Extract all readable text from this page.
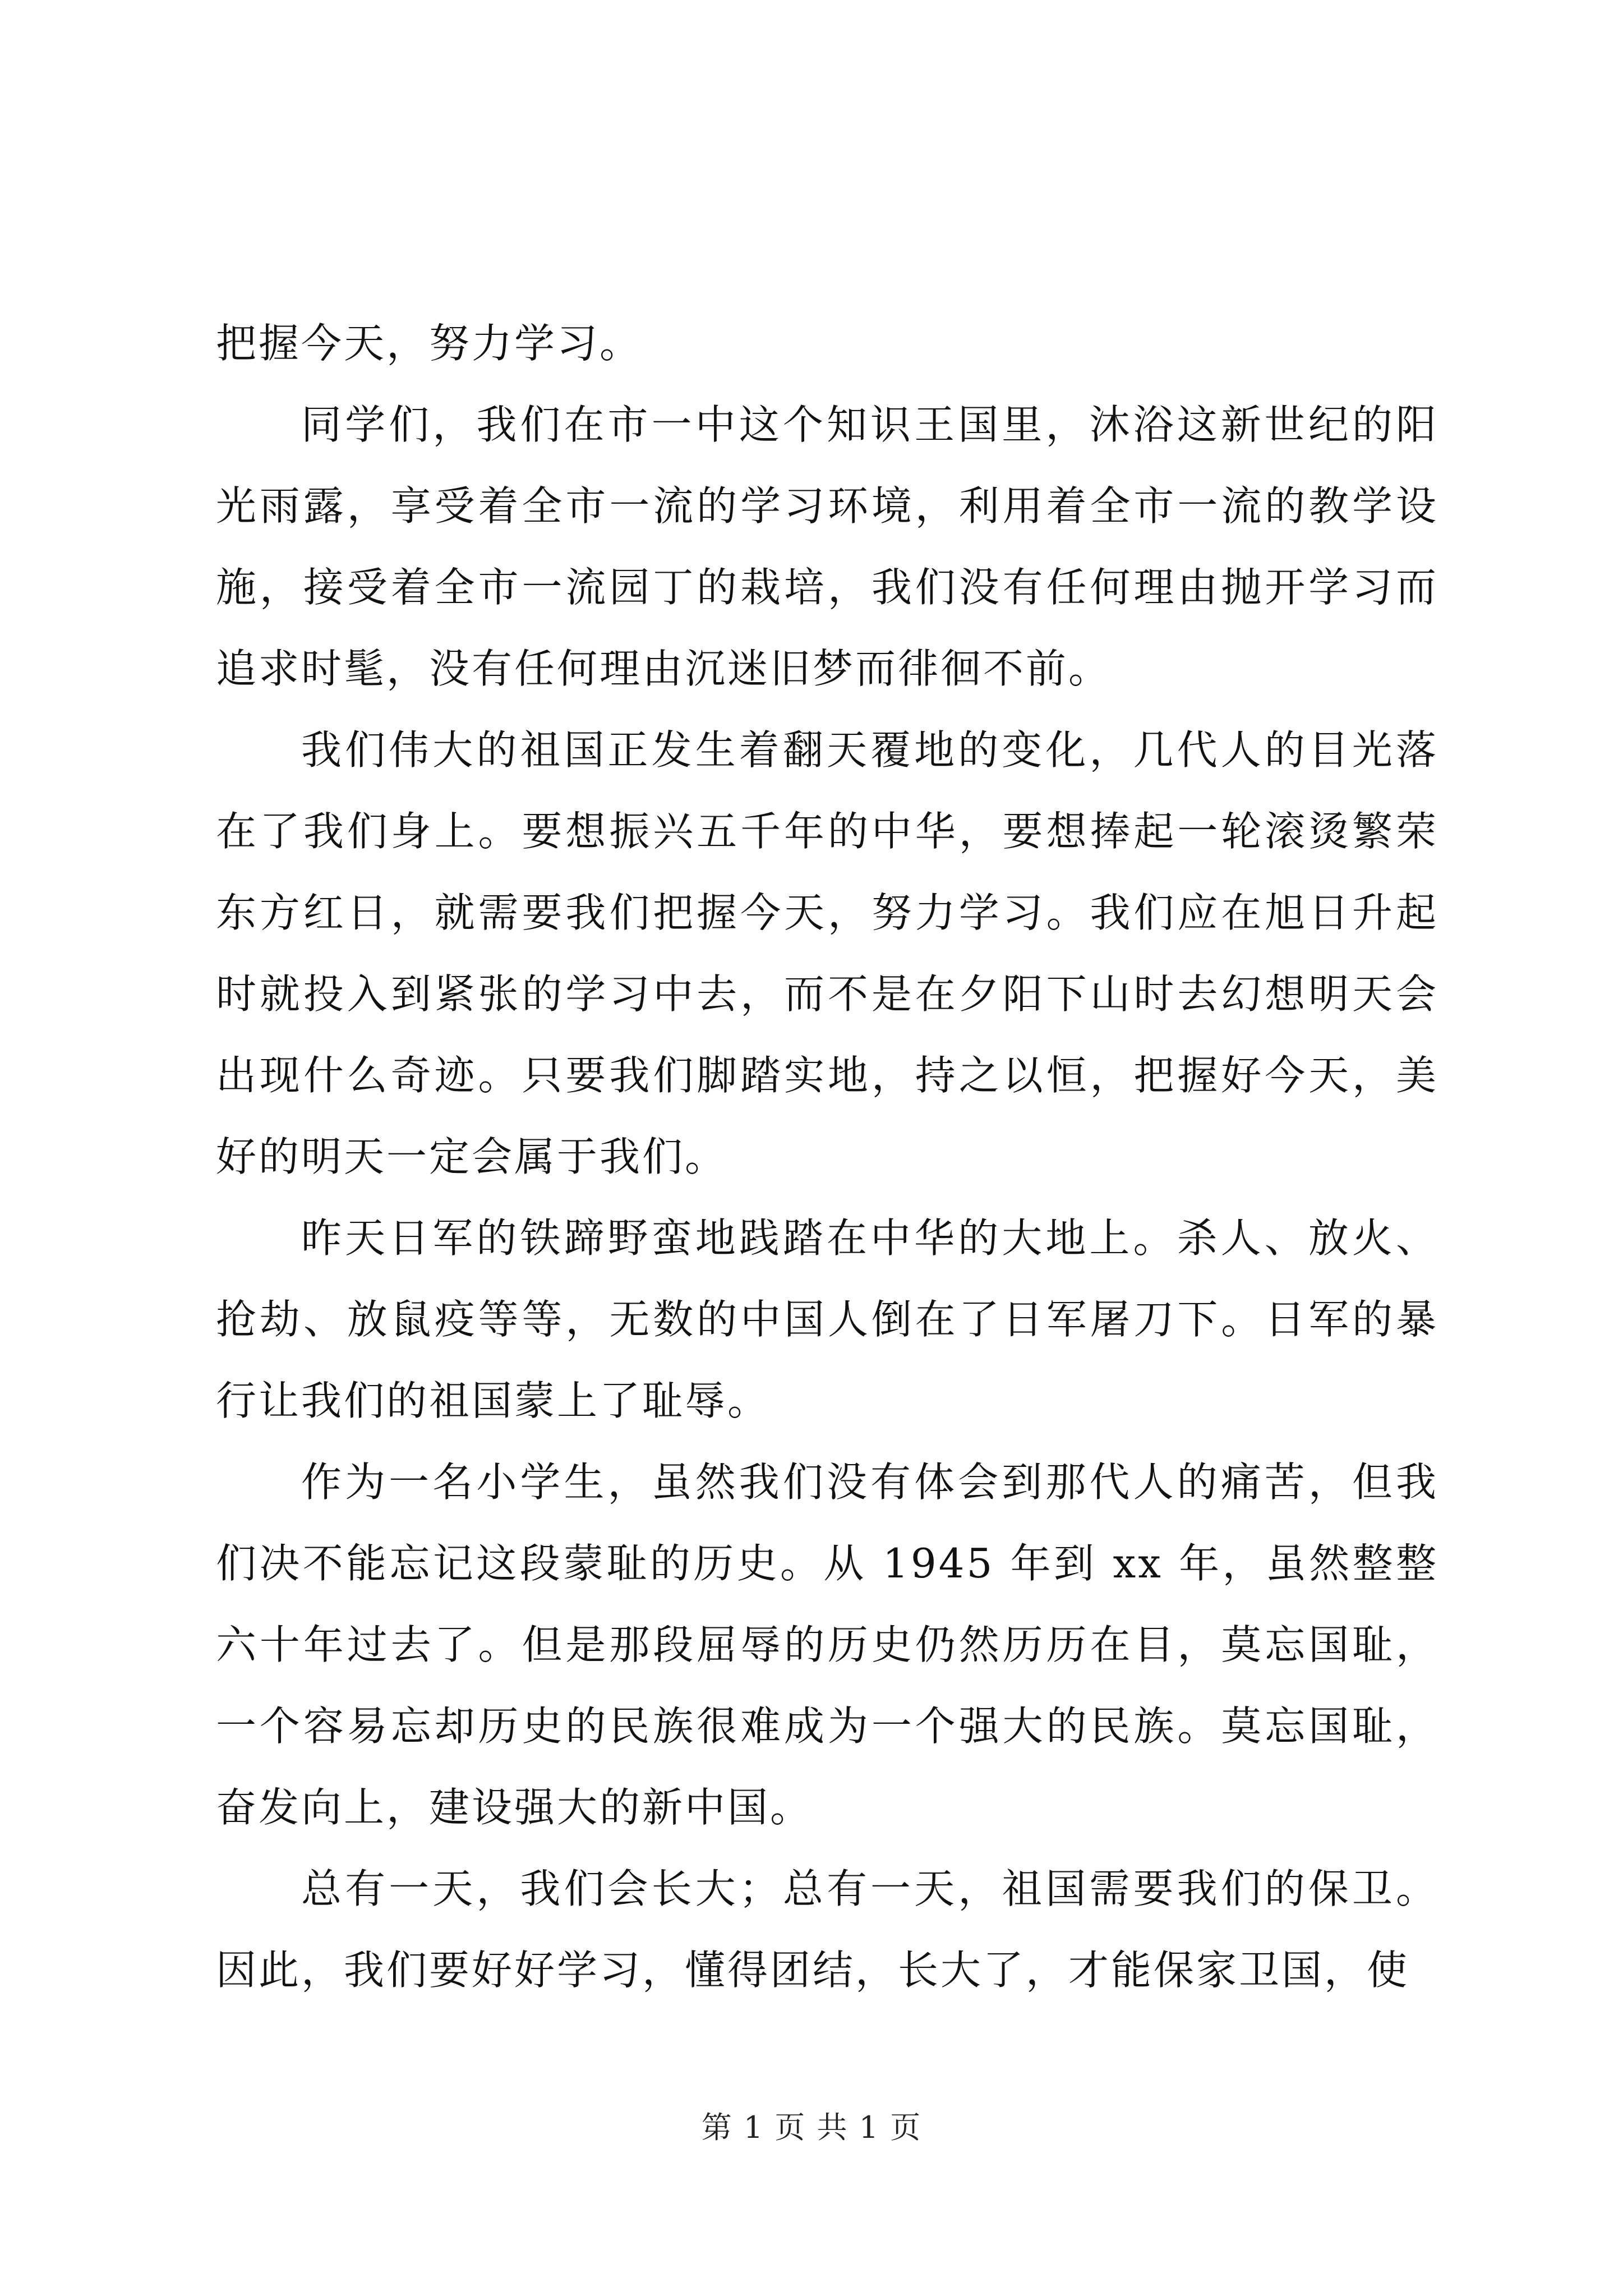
把握今天，努力学习。

同学们，我们在市一中这个知识王国里，沐浴这新世纪的阳光雨露，享受着全市一流的学习环境，利用着全市一流的教学设施，接受着全市一流园丁的栽培，我们没有任何理由抛开学习而追求时髦，没有任何理由沉迷旧梦而徘徊不前。

我们伟大的祖国正发生着翻天覆地的变化，几代人的目光落在了我们身上。要想振兴五千年的中华，要想捧起一轮滚烫繁荣东方红日，就需要我们把握今天，努力学习。我们应在旭日升起时就投入到紧张的学习中去，而不是在夕阳下山时去幻想明天会出现什么奇迹。只要我们脚踏实地，持之以恒，把握好今天，美好的明天一定会属于我们。

昨天日军的铁蹄野蛮地践踏在中华的大地上。杀人、放火、抢劫、放鼠疫等等，无数的中国人倒在了日军屠刀下。日军的暴行让我们的祖国蒙上了耻辱。

作为一名小学生，虽然我们没有体会到那代人的痛苦，但我们决不能忘记这段蒙耻的历史。从 1945 年到 xx 年，虽然整整六十年过去了。但是那段屈辱的历史仍然历历在目，莫忘国耻，一个容易忘却历史的民族很难成为一个强大的民族。莫忘国耻，奋发向上，建设强大的新中国。

总有一天，我们会长大；总有一天，祖国需要我们的保卫。因此，我们要好好学习，懂得团结，长大了，才能保家卫国，使

第 1 页 共 1 页
